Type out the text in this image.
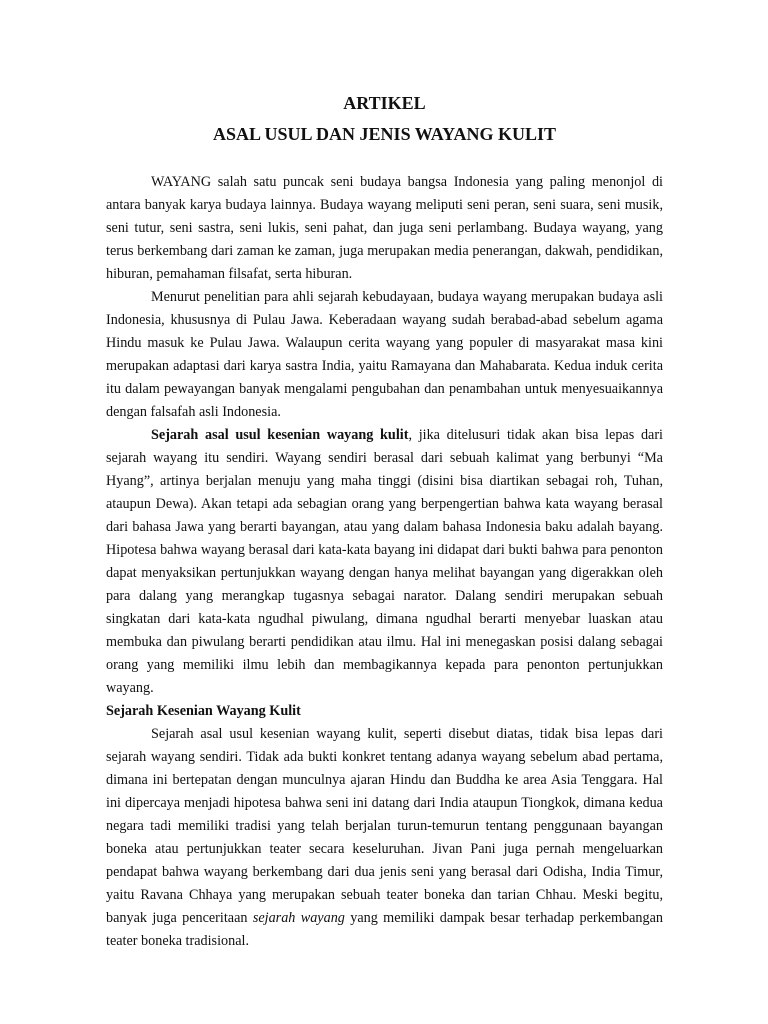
ARTIKEL
ASAL USUL DAN JENIS WAYANG KULIT

WAYANG salah satu puncak seni budaya bangsa Indonesia yang paling menonjol di antara banyak karya budaya lainnya. Budaya wayang meliputi seni peran, seni suara, seni musik, seni tutur, seni sastra, seni lukis, seni pahat, dan juga seni perlambang. Budaya wayang, yang terus berkembang dari zaman ke zaman, juga merupakan media penerangan, dakwah, pendidikan, hiburan, pemahaman filsafat, serta hiburan.

Menurut penelitian para ahli sejarah kebudayaan, budaya wayang merupakan budaya asli Indonesia, khususnya di Pulau Jawa. Keberadaan wayang sudah berabad-abad sebelum agama Hindu masuk ke Pulau Jawa. Walaupun cerita wayang yang populer di masyarakat masa kini merupakan adaptasi dari karya sastra India, yaitu Ramayana dan Mahabarata. Kedua induk cerita itu dalam pewayangan banyak mengalami pengubahan dan penambahan untuk menyesuaikannya dengan falsafah asli Indonesia.

Sejarah asal usul kesenian wayang kulit, jika ditelusuri tidak akan bisa lepas dari sejarah wayang itu sendiri. Wayang sendiri berasal dari sebuah kalimat yang berbunyi “Ma Hyang”, artinya berjalan menuju yang maha tinggi (disini bisa diartikan sebagai roh, Tuhan, ataupun Dewa). Akan tetapi ada sebagian orang yang berpengertian bahwa kata wayang berasal dari bahasa Jawa yang berarti bayangan, atau yang dalam bahasa Indonesia baku adalah bayang. Hipotesa bahwa wayang berasal dari kata-kata bayang ini didapat dari bukti bahwa para penonton dapat menyaksikan pertunjukkan wayang dengan hanya melihat bayangan yang digerakkan oleh para dalang yang merangkap tugasnya sebagai narator. Dalang sendiri merupakan sebuah singkatan dari kata-kata ngudhal piwulang, dimana ngudhal berarti menyebar luaskan atau membuka dan piwulang berarti pendidikan atau ilmu. Hal ini menegaskan posisi dalang sebagai orang yang memiliki ilmu lebih dan membagikannya kepada para penonton pertunjukkan wayang.

Sejarah Kesenian Wayang Kulit

Sejarah asal usul kesenian wayang kulit, seperti disebut diatas, tidak bisa lepas dari sejarah wayang sendiri. Tidak ada bukti konkret tentang adanya wayang sebelum abad pertama, dimana ini bertepatan dengan munculnya ajaran Hindu dan Buddha ke area Asia Tenggara. Hal ini dipercaya menjadi hipotesa bahwa seni ini datang dari India ataupun Tiongkok, dimana kedua negara tadi memiliki tradisi yang telah berjalan turun-temurun tentang penggunaan bayangan boneka atau pertunjukkan teater secara keseluruhan. Jivan Pani juga pernah mengeluarkan pendapat bahwa wayang berkembang dari dua jenis seni yang berasal dari Odisha, India Timur, yaitu Ravana Chhaya yang merupakan sebuah teater boneka dan tarian Chhau. Meski begitu, banyak juga penceritaan sejarah wayang yang memiliki dampak besar terhadap perkembangan teater boneka tradisional.
